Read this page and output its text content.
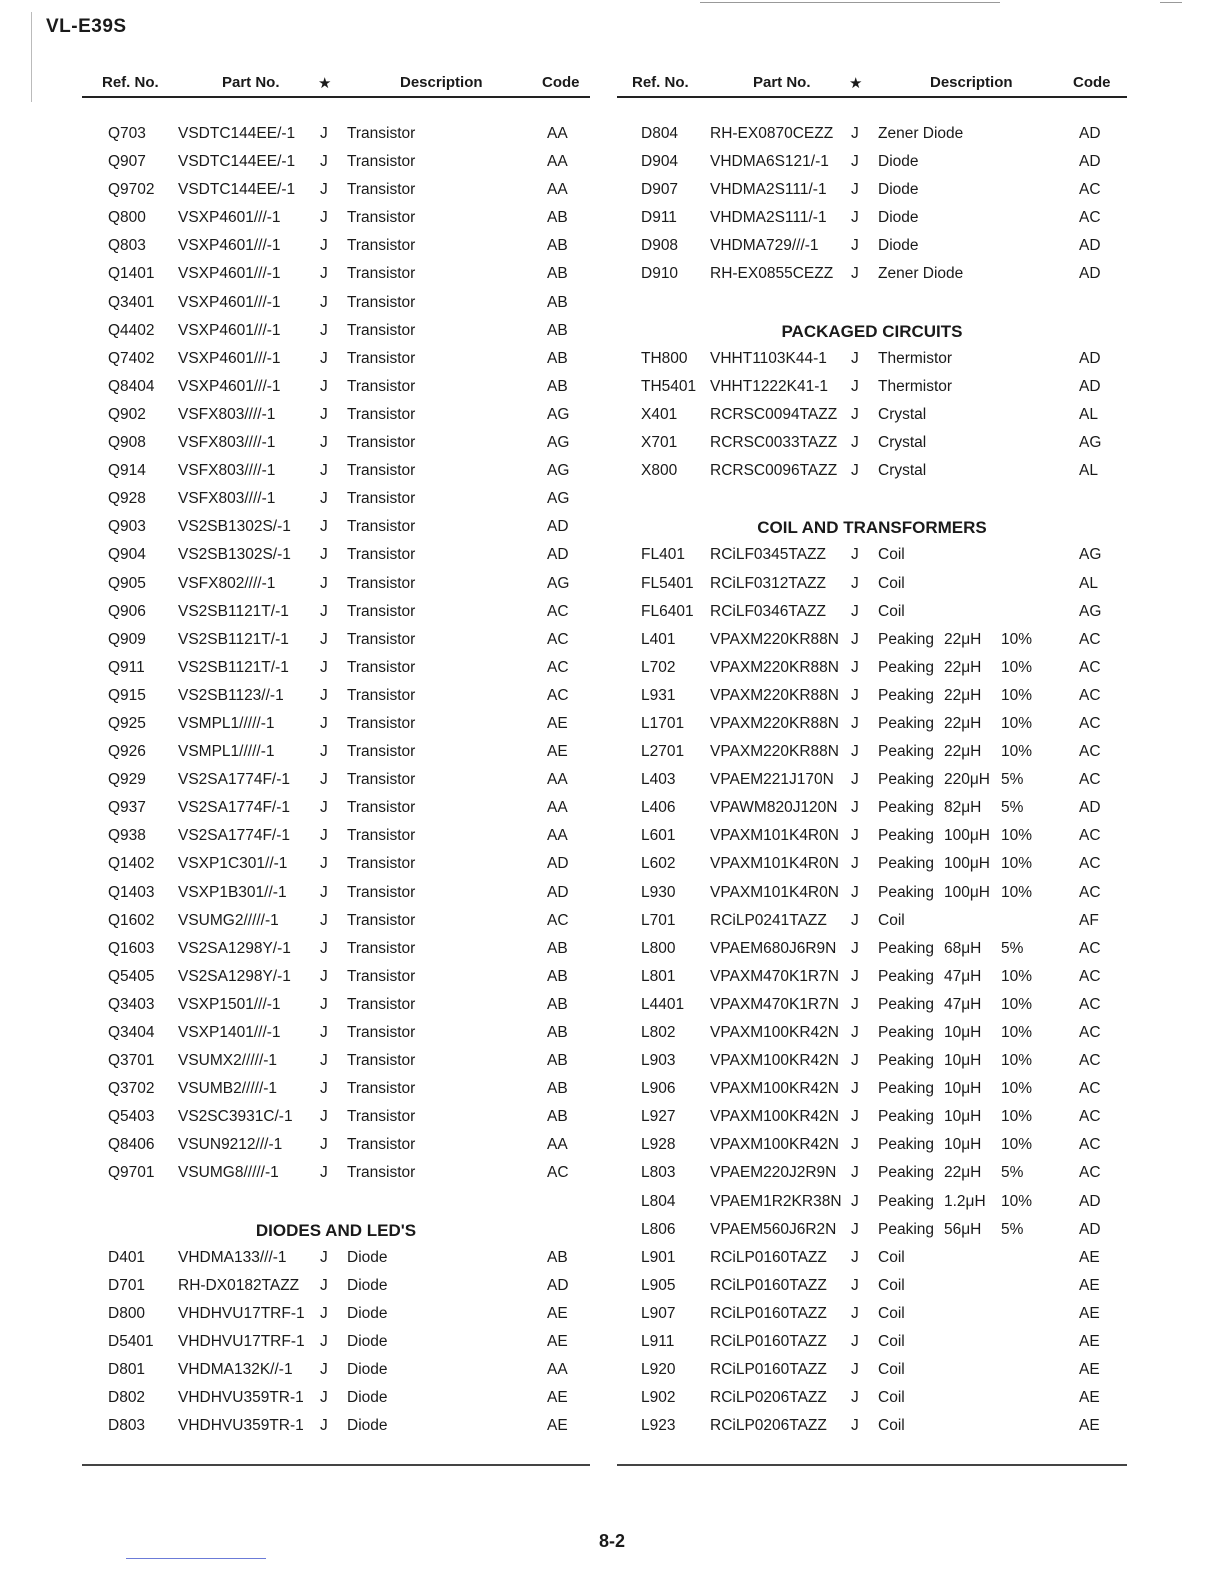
VL-E39S
Ref. No.	Part No.	★	Description	Code
Q703 VSDTC144EE/-1 J Transistor	AA
Q907 VSDTC144EE/-1 J Transistor	AA
Q9702 VSDTC144EE/-1 J Transistor	AA
Q800 VSXP4601///-1	J Transistor	AB
Q803 VSXP4601///-1	J Transistor	AB
Q1401 VSXP4601///-1	J Transistor	AB
Q3401 VSXP4601///-1	J Transistor	AB
Q4402 VSXP4601///-1	J Transistor	AB
Q7402 VSXP4601///-1	J Transistor	AB
Q8404 VSXP4601///-1	J Transistor	AB
Q902 VSFX803////-1	J Transistor	AG
Q908 VSFX803////-1	J Transistor	AG
Q914 VSFX803////-1	J Transistor	AG
Q928 VSFX803////-1	J Transistor	AG
Q903 VS2SB1302S/-1 J Transistor	AD
Q904 VS2SB1302S/-1 J Transistor	AD
Q905 VSFX802////-1	J Transistor	AG
Q906 VS2SB1121T/-1 J Transistor	AC
Q909 VS2SB1121T/-1 J Transistor	AC
Q911 VS2SB1121T/-1 J Transistor	AC
Q915 VS2SB1123//-1 J Transistor	AC
Q925 VSMPL1/////-1	J Transistor	AE
Q926 VSMPL1/////-1	J Transistor	AE
Q929 VS2SA1774F/-1 J Transistor	AA
Q937 VS2SA1774F/-1 J Transistor	AA
Q938 VS2SA1774F/-1 J Transistor	AA
Q1402 VSXP1C301//-1 J Transistor	AD
Q1403 VSXP1B301//-1 J Transistor	AD
Q1602 VSUMG2/////-1	J Transistor	AC
Q1603 VS2SA1298Y/-1 J Transistor	AB
Q5405 VS2SA1298Y/-1 J Transistor	AB
Q3403 VSXP1501///-1	J Transistor	AB
Q3404 VSXP1401///-1	J Transistor	AB
Q3701 VSUMX2/////-1	J Transistor	AB
Q3702 VSUMB2/////-1	J Transistor	AB
Q5403 VS2SC3931C/-1 J Transistor	AB
Q8406 VSUN9212///-1 J Transistor	AA
Q9701 VSUMG8/////-1	J Transistor	AC
DIODES AND LED'S
D401 VHDMA133///-1 J Diode	AB
D701 RH-DX0182TAZZ J Diode	AD
D800 VHDHVU17TRF-1 J Diode	AE
D5401 VHDHVU17TRF-1 J Diode	AE
D801 VHDMA132K//-1 J Diode	AA
D802 VHDHVU359TR-1 J Diode	AE
D803 VHDHVU359TR-1 J Diode	AE
Ref. No.	Part No.	★	Description	Code
D804 RH-EX0870CEZZ J Zener Diode	AD
D904 VHDMA6S121/-1 J Diode	AD
D907 VHDMA2S111/-1 J Diode	AC
D911 VHDMA2S111/-1 J Diode	AC
D908 VHDMA729///-1 J Diode	AD
D910 RH-EX0855CEZZ J Zener Diode	AD
PACKAGED CIRCUITS
TH800 VHHT1103K44-1 J Thermistor	AD
TH5401 VHHT1222K41-1 J Thermistor	AD
X401 RCRSC0094TAZZ J Crystal	AL
X701 RCRSC0033TAZZ J Crystal	AG
X800 RCRSC0096TAZZ J Crystal	AL
COIL AND TRANSFORMERS
FL401 RCiLF0345TAZZ J Coil	AG
FL5401 RCiLF0312TAZZ J Coil	AL
FL6401 RCiLF0346TAZZ J Coil	AG
L401 VPAXM220KR88N J Peaking 22μH 10%	AC
L702 VPAXM220KR88N J Peaking 22μH 10%	AC
L931 VPAXM220KR88N J Peaking 22μH 10%	AC
L1701 VPAXM220KR88N J Peaking 22μH 10%	AC
L2701 VPAXM220KR88N J Peaking 22μH 10%	AC
L403 VPAEM221J170N J Peaking 220μH 5%	AC
L406 VPAWM820J120N J Peaking 82μH 5%	AD
L601 VPAXM101K4R0N J Peaking 100μH 10%	AC
L602 VPAXM101K4R0N J Peaking 100μH 10%	AC
L930 VPAXM101K4R0N J Peaking 100μH 10%	AC
L701 RCiLP0241TAZZ J Coil	AF
L800 VPAEM680J6R9N J Peaking 68μH 5%	AC
L801 VPAXM470K1R7N J Peaking 47μH 10%	AC
L4401 VPAXM470K1R7N J Peaking 47μH 10%	AC
L802 VPAXM100KR42N J Peaking 10μH 10%	AC
L903 VPAXM100KR42N J Peaking 10μH 10%	AC
L906 VPAXM100KR42N J Peaking 10μH 10%	AC
L927 VPAXM100KR42N J Peaking 10μH 10%	AC
L928 VPAXM100KR42N J Peaking 10μH 10%	AC
L803 VPAEM220J2R9N J Peaking 22μH 5%	AC
L804 VPAEM1R2KR38N J Peaking 1.2μH 10%	AD
L806 VPAEM560J6R2N J Peaking 56μH 5%	AD
L901 RCiLP0160TAZZ J Coil	AE
L905 RCiLP0160TAZZ J Coil	AE
L907 RCiLP0160TAZZ J Coil	AE
L911 RCiLP0160TAZZ J Coil	AE
L920 RCiLP0160TAZZ J Coil	AE
L902 RCiLP0206TAZZ J Coil	AE
L923 RCiLP0206TAZZ J Coil	AE
8-2
